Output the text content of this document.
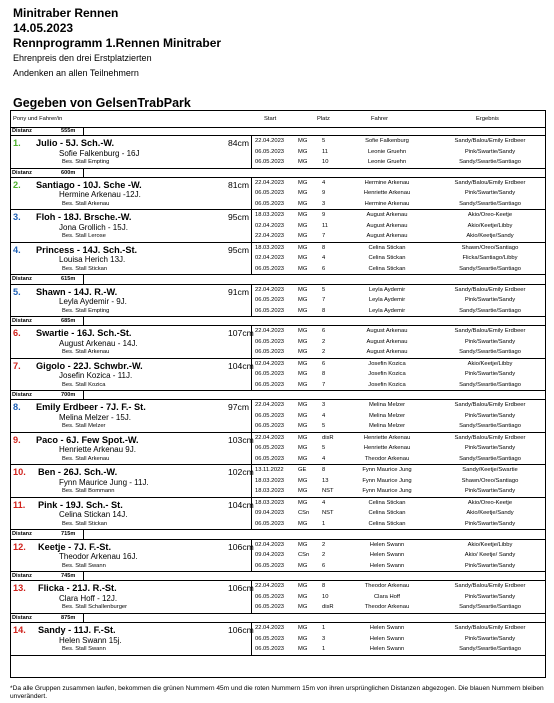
Minitraber Rennen
14.05.2023
Rennprogramm 1.Rennen Minitraber
Ehrenpreis den drei Erstplatzierten
Andenken an allen Teilnehmern
Gegeben von GelsenTrabPark
Pony und Fahrer/in	Start	Platz	Fahrer	Ergebnis
Distanz	555m
1. Julio - 5J. Sch.-W.	84cm 22.04.2023 MG	5	Sofie Falkenburg	Sandy/Balou/Emily Erdbeer
Sofie Falkenburg - 16J	06.05.2023 MG	11	Leonie Gruehn	Pink/Swartie/Sandy
Bes. Stall Empting	06.05.2023 MG	10	Leonie Gruehn	Sandy/Swartie/Santiago
Distanz	600m
2. Santiago - 10J. Sche -W.	81cm 22.04.2023 MG	4	Hermine Arkenau	Sandy/Balou/Emily Erdbeer
Hermine Arkenau -12J.	06.05.2023 MG	9	Henriette Arkenau	Pink/Swartie/Sandy
Bes. Stall Arkenau	06.05.2023 MG	3	Hermine Arkenau	Sandy/Swartie/Santiago
3. Floh - 18J. Brsche.-W.	95cm 18.03.2023 MG	9	August Arkenau	Akio/Oreo-Keetje
Jona Grollich - 15J.	02.04.2023 MG	11	August Arkenau	Akio/Keetje/Libby
Bes. Stall Lerose	22.04.2023 MG	7	August Arkenau	Akio/Keetje/Sandy
4. Princess - 14J. Sch.-St.	95cm 18.03.2023 MG	8	Celina Stickan	Shawn/Oreo/Santiago
Louisa Herich 13J.	02.04.2023 MG	4	Celina Stickan	Flicka/Santiago/Libby
Bes. Stall Stickan	06.05.2023 MG	6	Celina Stickan	Sandy/Swartie/Santiago
Distanz	615m
5. Shawn - 14J. R.-W.	91cm 22.04.2023 MG	5	Leyla Aydemir	Sandy/Balou/Emily Erdbeer
Leyla Aydemir - 9J.	06.05.2023 MG	7	Leyla Aydemir	Pink/Swartie/Sandy
Bes. Stall Empting	06.05.2023 MG	8	Leyla Aydemir	Sandy/Swartie/Santiago
Distanz	685m
6. Swartie - 16J. Sch.-St.	107cm 22.04.2023 MG	6	August Arkenau	Sandy/Balou/Emily Erdbeer
August Arkenau - 14J.	06.05.2023 MG	2	August Arkenau	Pink/Swartie/Sandy
Bes. Stall Arkenau	06.05.2023 MG	2	August Arkenau	Sandy/Swartie/Santiago
7. Gigolo - 22J. Schwbr.-W.	104cm 02.04.2023 MG	6	Josefin Kozica	Akio/Keetje/Libby
Josefin Kozica - 11J.	06.05.2023 MG	8	Josefin Kozica	Pink/Swartie/Sandy
Bes. Stall Kozica	06.05.2023 MG	7	Josefin Kozica	Sandy/Swartie/Santiago
Distanz	700m
8. Emily Erdbeer - 7J. F.- St.	97cm 22.04.2023 MG	3	Melina Melzer	Sandy/Balou/Emily Erdbeer
Melina Melzer - 15J.	06.05.2023 MG	4	Melina Melzer	Pink/Swartie/Sandy
Bes. Stall Melzer	06.05.2023 MG	5	Melina Melzer	Sandy/Swartie/Santiago
9. Paco - 6J. Few Spot.-W.	103cm 22.04.2023 MG	disR	Henriette Arkenau	Sandy/Balou/Emily Erdbeer
Henriette Arkenau 9J.	06.05.2023 MG	5	Henriette Arkenau	Pink/Swartie/Sandy
Bes. Stall Arkenau	06.05.2023 MG	4	Theodor Arkenau	Sandy/Swartie/Santiago
10. Ben - 26J. Sch.-W.	102cm 13.11.2022 GE	8	Fynn Maurice Jung	Sandy/Keetje/Swartie
Fynn Maurice Jung - 11J.	18.03.2023 MG	13	Fynn Maurice Jung	Shawn/Oreo/Santiago
Bes. Stall Bommann	18.03.2023 MG	NST	Fynn Maurice Jung	Pink/Swartie/Sandy
11. Pink - 19J. Sch.- St.	104cm 18.03.2023 MG	4	Celina Stickan	Akio/Oreo-Keetje
Celina Stickan 14J.	09.04.2023 CSn NST	Celina Stickan	Akio/Keetje/Sandy
Bes. Stall Stickan	06.05.2023 MG	1	Celina Stickan	Pink/Swartie/Sandy
Distanz	715m
12. Keetje - 7J. F.-St.	106cm 02.04.2023 MG	2	Helen Swann	Akio/Keetje/Libby
Theodor Arkenau 16J.	09.04.2023 CSn 2	Helen Swann	Akio/ Keetje/ Sandy
Bes. Stall Swann	06.05.2023 MG	6	Helen Swann	Pink/Swartie/Sandy
Distanz	745m
13. Flicka - 21J. R.-St.	106cm 22.04.2023 MG	8	Theodor Arkenau	Sandy/Balou/Emily Erdbeer
Clara Hoff - 12J.	06.05.2023 MG	10	Clara Hoff	Pink/Swartie/Sandy
Bes. Stall Schallenburger	06.05.2023 MG	disR	Theodor Arkenau	Sandy/Swartie/Santiago
Distanz	875m
14. Sandy - 11J. F.-St.	106cm 22.04.2023 MG	1	Helen Swann	Sandy/Balou/Emily Erdbeer
Helen Swann 15j.	06.05.2023 MG	3	Helen Swann	Pink/Swartie/Sandy
Bes. Stall Swann	06.05.2023 MG	1	Helen Swann	Sandy/Swartie/Santiago
*Da alle Gruppen zusammen laufen, bekommen die grünen Nummern 45m und die roten Nummern 15m von ihren ursprünglichen Distanzen abgezogen. Die blauen Nummern bleiben unverändert.
